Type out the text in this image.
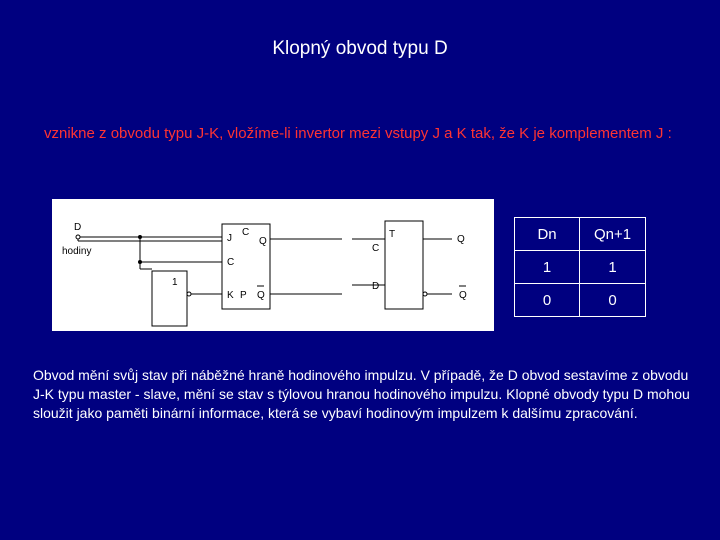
Klopný obvod typu D
vznikne z obvodu typu J-K, vložíme-li invertor mezi vstupy J a K tak, že K je komplementem J :
D
hodiny
1
J
C
Q
C
K P Q
C
T	Q
D
Q
Dn	Qn+1
1	1
0	0
Obvod mění svůj stav při náběžné hraně hodinového impulzu. V případě, že D obvod sestavíme z obvodu J-K typu master - slave, mění se stav s týlovou hranou hodinového impulzu. Klopné obvody typu D mohou sloužit jako paměti binární informace, která se vybaví hodinovým impulzem k dalšímu zpracování.
